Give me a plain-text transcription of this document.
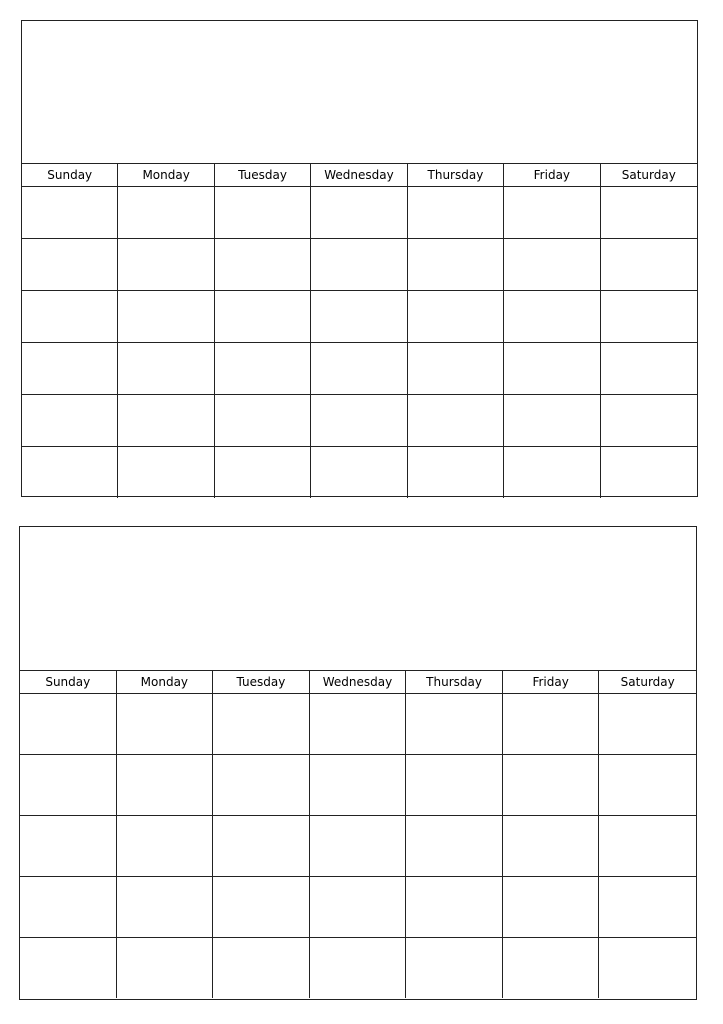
Sunday	Monday	Tuesday	Wednesday	Thursday	Friday	Saturday
Sunday	Monday	Tuesday	Wednesday	Thursday	Friday	Saturday
